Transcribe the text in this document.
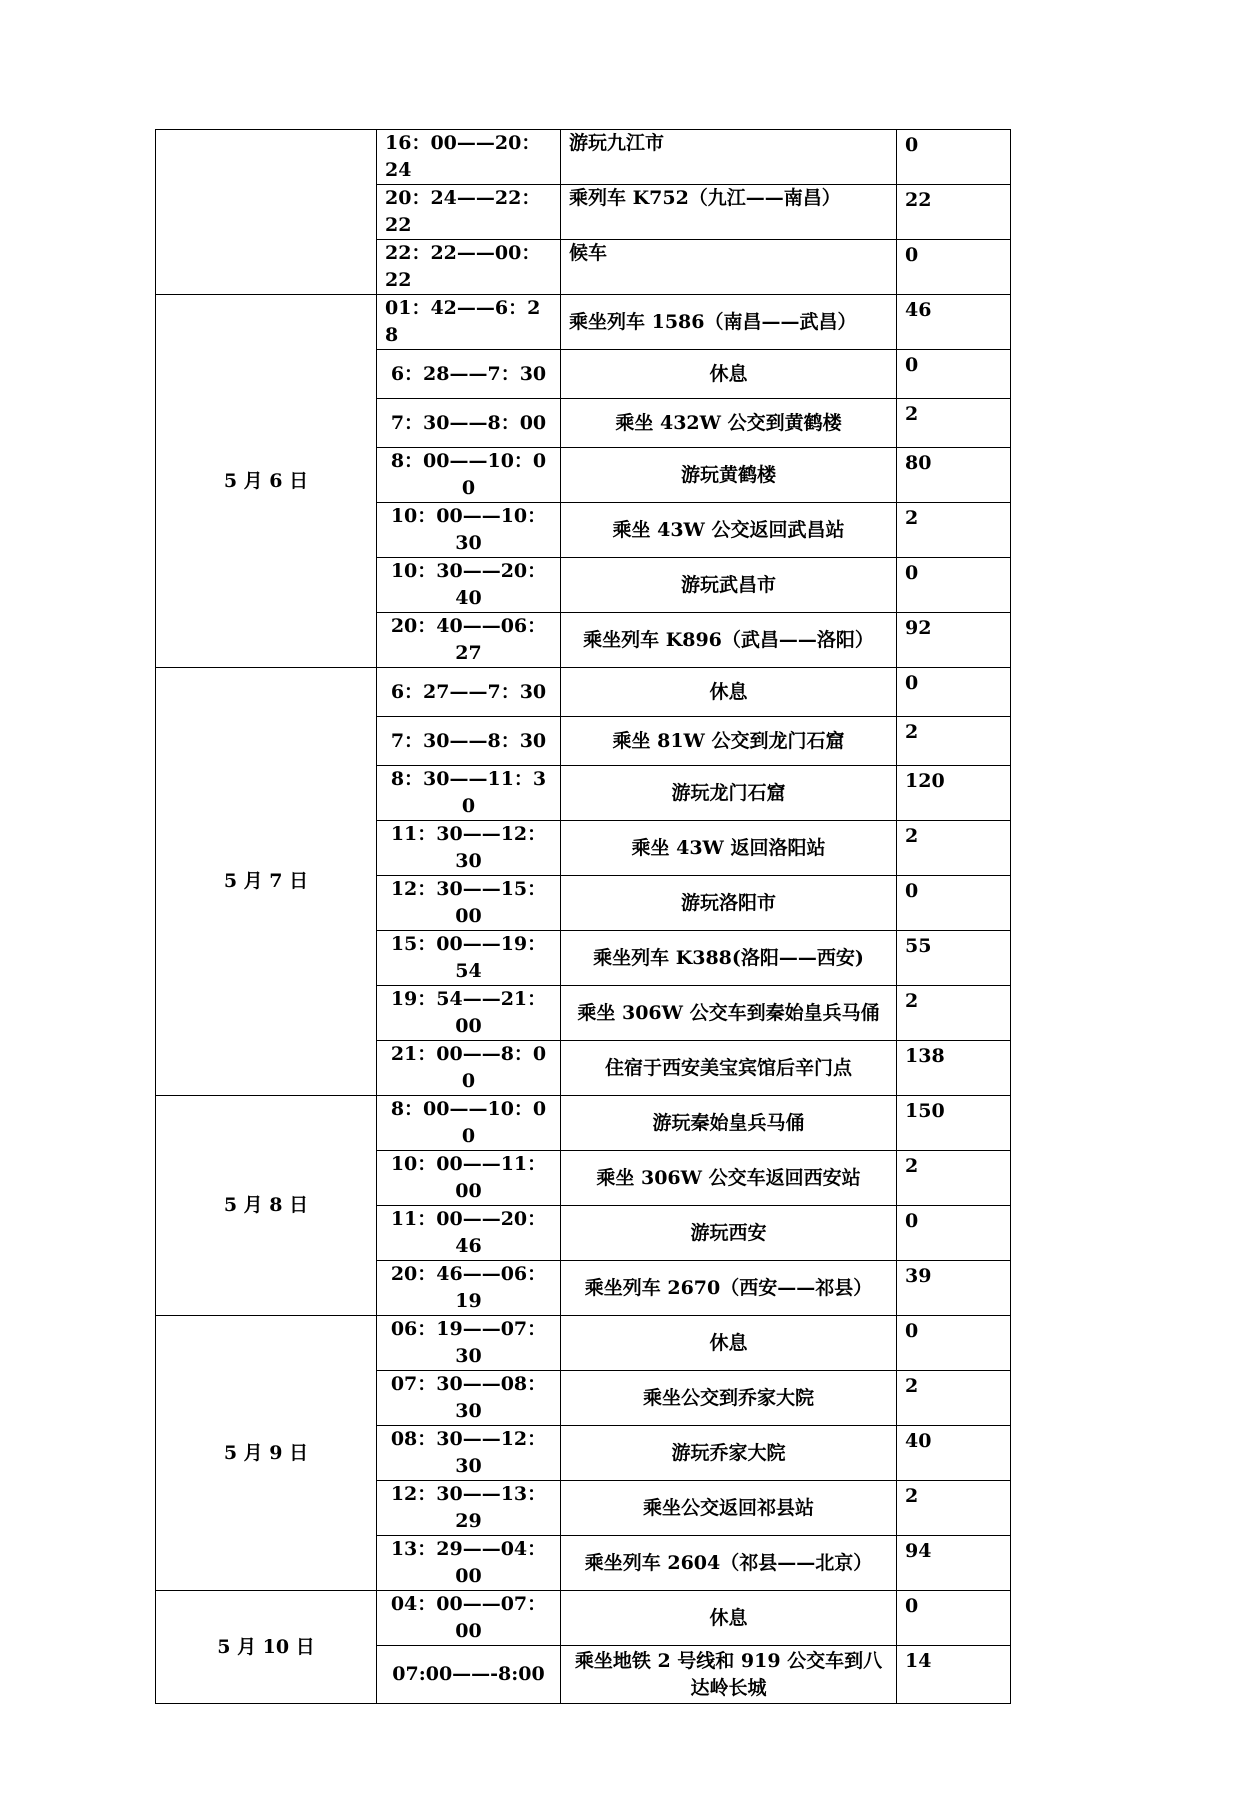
	16：00——20：24	游玩九江市	0
	20：24——22：22	乘列车 K752（九江——南昌）	22
	22：22——00：22	候车	0
5 月 6 日	01：42——6：28	乘坐列车 1586（南昌——武昌）	46
	6：28——7：30	休息	0
	7：30——8：00	乘坐 432W 公交到黄鹤楼	2
	8：00——10：00	游玩黄鹤楼	80
	10：00——10：30	乘坐 43W 公交返回武昌站	2
	10：30——20：40	游玩武昌市	0
	20：40——06：27	乘坐列车 K896（武昌——洛阳）	92
5 月 7 日	6：27——7：30	休息	0
	7：30——8：30	乘坐 81W 公交到龙门石窟	2
	8：30——11：30	游玩龙门石窟	120
	11：30——12：30	乘坐 43W 返回洛阳站	2
	12：30——15：00	游玩洛阳市	0
	15：00——19：54	乘坐列车 K388(洛阳——西安)	55
	19：54——21：00	乘坐 306W 公交车到秦始皇兵马俑	2
	21：00——8：00	住宿于西安美宝宾馆后辛门点	138
5 月 8 日	8：00——10：00	游玩秦始皇兵马俑	150
	10：00——11：00	乘坐 306W 公交车返回西安站	2
	11：00——20：46	游玩西安	0
	20：46——06：19	乘坐列车 2670（西安——祁县）	39
5 月 9 日	06：19——07：30	休息	0
	07：30——08：30	乘坐公交到乔家大院	2
	08：30——12：30	游玩乔家大院	40
	12：30——13：29	乘坐公交返回祁县站	2
	13：29——04：00	乘坐列车 2604（祁县——北京）	94
5 月 10 日	04：00——07：00	休息	0
	07:00——-8:00	乘坐地铁 2 号线和 919 公交车到八达岭长城	14
